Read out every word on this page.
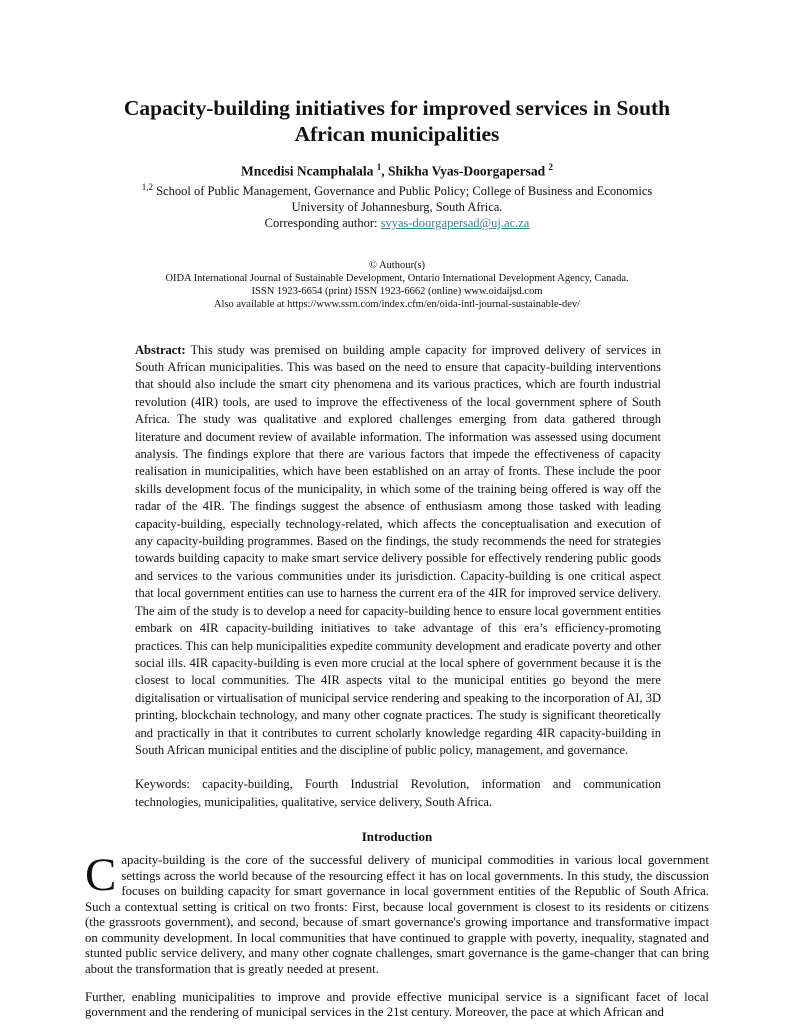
Capacity-building initiatives for improved services in South
African municipalities
Mncedisi Ncamphalala $^1$, Shikha Vyas-Doorgapersad $^2$
$^{1,2}$ School of Public Management, Governance and Public Policy; College of Business and Economics
University of Johannesburg, South Africa.
Corresponding author: svyas-doorgapersad@uj.ac.za
© Authour(s)
OIDA International Journal of Sustainable Development, Ontario International Development Agency, Canada.
ISSN 1923-6654 (print) ISSN 1923-6662 (online) www.oidaijsd.com
Also available at https://www.ssrn.com/index.cfm/en/oida-intl-journal-sustainable-dev/

Abstract: This study was premised on building ample capacity for improved delivery of services in South African municipalities. This was based on the need to ensure that capacity-building interventions that should also include the smart city phenomena and its various practices, which are fourth industrial revolution (4IR) tools, are used to improve the effectiveness of the local government sphere of South Africa. The study was qualitative and explored challenges emerging from data gathered through literature and document review of available information. The information was assessed using document analysis. The findings explore that there are various factors that impede the effectiveness of capacity realisation in municipalities, which have been established on an array of fronts. These include the poor skills development focus of the municipality, in which some of the training being offered is way off the radar of the 4IR. The findings suggest the absence of enthusiasm among those tasked with leading capacity-building, especially technology-related, which affects the conceptualisation and execution of any capacity-building programmes. Based on the findings, the study recommends the need for strategies towards building capacity to make smart service delivery possible for effectively rendering public goods and services to the various communities under its jurisdiction. Capacity-building is one critical aspect that local government entities can use to harness the current era of the 4IR for improved service delivery. The aim of the study is to develop a need for capacity-building hence to ensure local government entities embark on 4IR capacity-building initiatives to take advantage of this era’s efficiency-promoting practices. This can help municipalities expedite community development and eradicate poverty and other social ills. 4IR capacity-building is even more crucial at the local sphere of government because it is the closest to local communities. The 4IR aspects vital to the municipal entities go beyond the mere digitalisation or virtualisation of municipal service rendering and speaking to the incorporation of AI, 3D printing, blockchain technology, and many other cognate practices. The study is significant theoretically and practically in that it contributes to current scholarly knowledge regarding 4IR capacity-building in South African municipal entities and the discipline of public policy, management, and governance.

Keywords: capacity-building, Fourth Industrial Revolution, information and communication technologies, municipalities, qualitative, service delivery, South Africa.

Introduction

Capacity-building is the core of the successful delivery of municipal commodities in various local government settings across the world because of the resourcing effect it has on local governments. In this study, the discussion focuses on building capacity for smart governance in local government entities of the Republic of South Africa. Such a contextual setting is critical on two fronts: First, because local government is closest to its residents or citizens (the grassroots government), and second, because of smart governance's growing importance and transformative impact on community development. In local communities that have continued to grapple with poverty, inequality, stagnated and stunted public service delivery, and many other cognate challenges, smart governance is the game-changer that can bring about the transformation that is greatly needed at present.

Further, enabling municipalities to improve and provide effective municipal service is a significant facet of local government and the rendering of municipal services in the 21st century. Moreover, the pace at which African and
